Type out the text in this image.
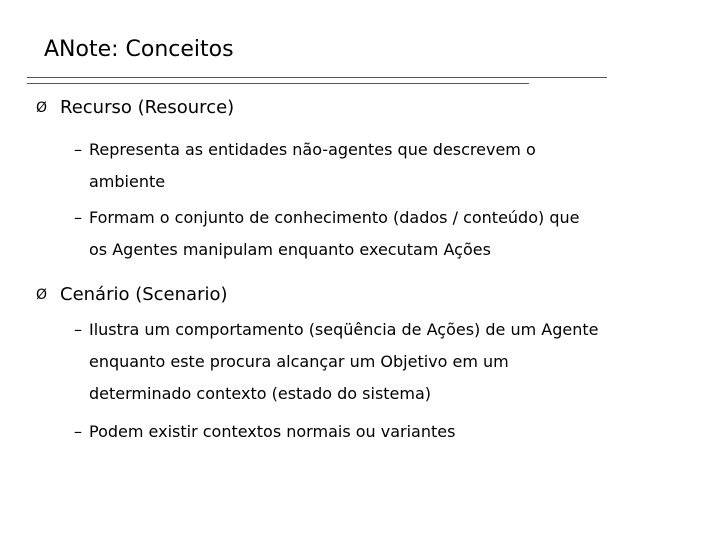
ANote: Conceitos
Ø Recurso (Resource)
– Representa as entidades não-agentes que descrevem o
ambiente
– Formam o conjunto de conhecimento (dados / conteúdo) que
os Agentes manipulam enquanto executam Ações
Ø Cenário (Scenario)
– Ilustra um comportamento (seqüência de Ações) de um Agente
enquanto este procura alcançar um Objetivo em um
determinado contexto (estado do sistema)
– Podem existir contextos normais ou variantes
